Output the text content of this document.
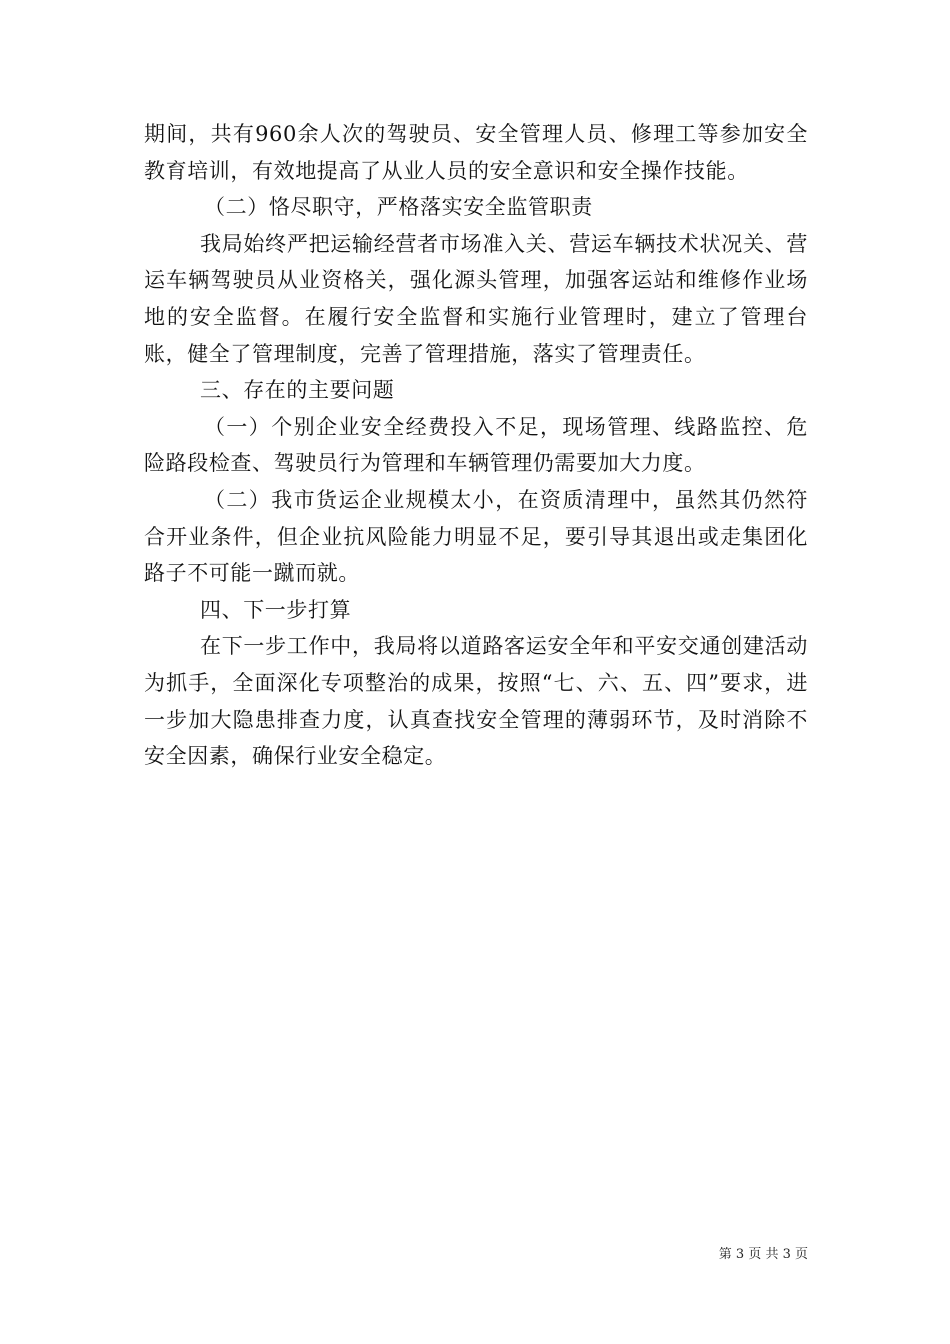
期间，共有960余人次的驾驶员、安全管理人员、修理工等参加安全教育培训，有效地提高了从业人员的安全意识和安全操作技能。

（二）恪尽职守，严格落实安全监管职责

我局始终严把运输经营者市场准入关、营运车辆技术状况关、营运车辆驾驶员从业资格关，强化源头管理，加强客运站和维修作业场地的安全监督。在履行安全监督和实施行业管理时，建立了管理台账，健全了管理制度，完善了管理措施，落实了管理责任。

三、存在的主要问题

（一）个别企业安全经费投入不足，现场管理、线路监控、危险路段检查、驾驶员行为管理和车辆管理仍需要加大力度。

（二）我市货运企业规模太小，在资质清理中，虽然其仍然符合开业条件，但企业抗风险能力明显不足，要引导其退出或走集团化路子不可能一蹴而就。

四、下一步打算

在下一步工作中，我局将以道路客运安全年和平安交通创建活动为抓手，全面深化专项整治的成果，按照“七、六、五、四”要求，进一步加大隐患排查力度，认真查找安全管理的薄弱环节，及时消除不安全因素，确保行业安全稳定。

第 3 页 共 3 页
